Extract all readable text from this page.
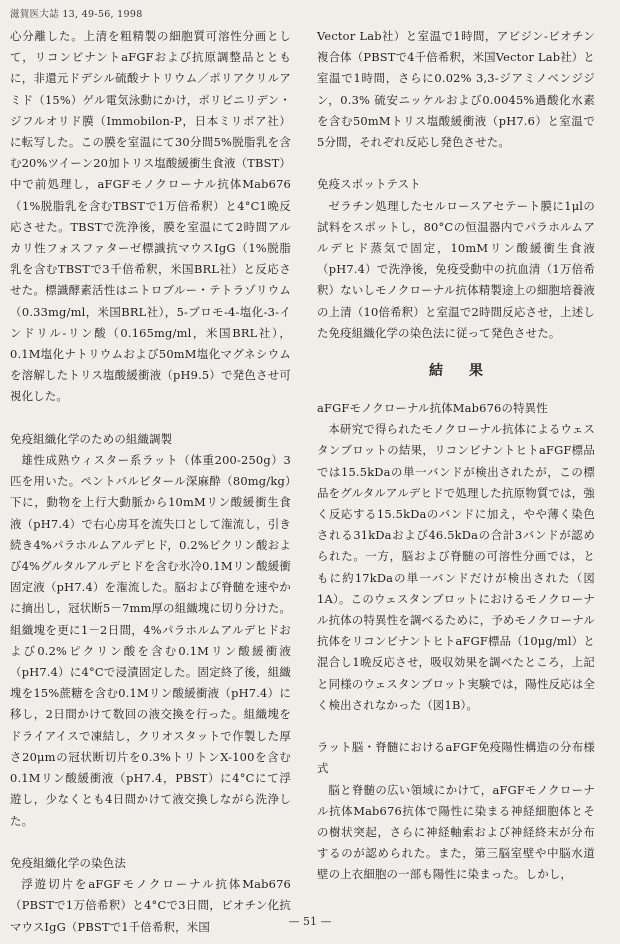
滋賀医大誌 13, 49-56, 1998

心分離した。上清を粗精製の細胞質可溶性分画として，リコンビナントaFGFおよび抗原調整品とともに，非還元ドデシル硫酸ナトリウム／ポリアクリルアミド（15%）ゲル電気泳動にかけ，ポリビニリデン・ジフルオリド膜（Immobilon-P，日本ミリポア社）に転写した。この膜を室温にて30分間5%脱脂乳を含む20%ツイーン20加トリス塩酸緩衝生食液（TBST）中で前処理し，aFGFモノクローナル抗体Mab676（1%脱脂乳を含むTBSTで1万倍希釈）と4°C1晩反応させた。TBSTで洗浄後，膜を室温にて2時間アルカリ性フォスファターゼ標識抗マウスIgG（1%脱脂乳を含むTBSTで3千倍希釈，米国BRL社）と反応させた。標識酵素活性はニトロブルー・テトラゾリウム（0.33mg/ml，米国BRL社），5-ブロモ-4-塩化-3-インドリル-リン酸（0.165mg/ml，米国BRL社），0.1M塩化ナトリウムおよび50mM塩化マグネシウムを溶解したトリス塩酸緩衝液（pH9.5）で発色させ可視化した。

免疫組織化学のための組織調製

雄性成熟ウィスター系ラット（体重200-250g）3匹を用いた。ペントバルビタール深麻酔（80mg/kg）下に，動物を上行大動脈から10mMリン酸緩衝生食液（pH7.4）で右心房耳を流失口として潅流し，引き続き4%パラホルムアルデヒド，0.2%ピクリン酸および4%グルタルアルデヒドを含む氷冷0.1Mリン酸緩衝固定液（pH7.4）を潅流した。脳および脊髄を速やかに摘出し，冠状断5－7mm厚の組織塊に切り分けた。組織塊を更に1－2日間，4%パラホルムアルデヒドおよび0.2%ピクリン酸を含む0.1Mリン酸緩衝液（pH7.4）に4°Cで浸漬固定した。固定終了後，組織塊を15%蔗糖を含む0.1Mリン酸緩衝液（pH7.4）に移し，2日間かけて数回の液交換を行った。組織塊をドライアイスで凍結し，クリオスタットで作製した厚さ20μmの冠状断切片を0.3%トリトンX-100を含む0.1Mリン酸緩衝液（pH7.4，PBST）に4°Cにて浮遊し，少なくとも4日間かけて液交換しながら洗浄した。

免疫組織化学の染色法

浮遊切片をaFGFモノクローナル抗体Mab676（PBSTで1万倍希釈）と4°Cで3日間，ビオチン化抗マウスIgG（PBSTで1千倍希釈，米国

Vector Lab社）と室温で1時間，アビジン-ビオチン複合体（PBSTで4千倍希釈，米国Vector Lab社）と室温で1時間，さらに0.02% 3,3-ジアミノベンジジン，0.3% 硫安ニッケルおよび0.0045%過酸化水素を含む50mMトリス塩酸緩衝液（pH7.6）と室温で5分間，それぞれ反応し発色させた。

免疫スポットテスト

ゼラチン処理したセルロースアセテート膜に1μlの試料をスポットし，80°Cの恒温器内でパラホルムアルデヒド蒸気で固定，10mMリン酸緩衝生食液（pH7.4）で洗浄後，免疫受動中の抗血清（1万倍希釈）ないしモノクローナル抗体精製途上の細胞培養液の上清（10倍希釈）と室温で2時間反応させ，上述した免疫組織化学の染色法に従って発色させた。

結果

aFGFモノクローナル抗体Mab676の特異性

本研究で得られたモノクローナル抗体によるウェスタンブロットの結果，リコンビナントヒトaFGF標品では15.5kDaの単一バンドが検出されたが，この標品をグルタルアルデヒドで処理した抗原物質では，強く反応する15.5kDaのバンドに加え，やや薄く染色される31kDaおよび46.5kDaの合計3バンドが認められた。一方，脳および脊髄の可溶性分画では，ともに約17kDaの単一バンドだけが検出された（図1A）。このウェスタンブロットにおけるモノクローナル抗体の特異性を調べるために，予めモノクローナル抗体をリコンビナントヒトaFGF標品（10μg/ml）と混合し1晩反応させ，吸収効果を調べたところ，上記と同様のウェスタンブロット実験では，陽性反応は全く検出されなかった（図1B）。

ラット脳・脊髄におけるaFGF免疫陽性構造の分布様式

脳と脊髄の広い領域にかけて，aFGFモノクローナル抗体Mab676抗体で陽性に染まる神経細胞体とその樹状突起，さらに神経軸索および神経終末が分布するのが認められた。また，第三脳室壁や中脳水道壁の上衣細胞の一部も陽性に染まった。しかし，

— 51 —
